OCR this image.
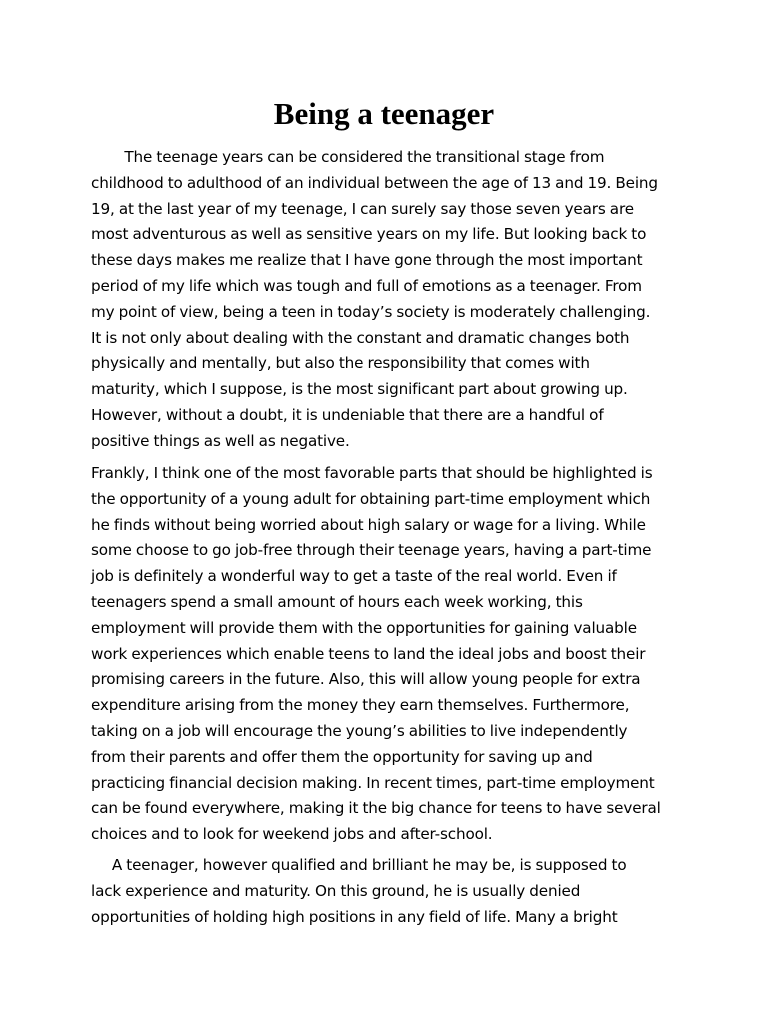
Being a teenager

The teenage years can be considered the transitional stage from
childhood to adulthood of an individual between the age of 13 and 19. Being
19, at the last year of my teenage, I can surely say those seven years are
most adventurous as well as sensitive years on my life. But looking back to
these days makes me realize that I have gone through the most important
period of my life which was tough and full of emotions as a teenager. From
my point of view, being a teen in today’s society is moderately challenging.
It is not only about dealing with the constant and dramatic changes both
physically and mentally, but also the responsibility that comes with
maturity, which I suppose, is the most significant part about growing up.
However, without a doubt, it is undeniable that there are a handful of
positive things as well as negative.

Frankly, I think one of the most favorable parts that should be highlighted is
the opportunity of a young adult for obtaining part-time employment which
he finds without being worried about high salary or wage for a living. While
some choose to go job-free through their teenage years, having a part-time
job is definitely a wonderful way to get a taste of the real world. Even if
teenagers spend a small amount of hours each week working, this
employment will provide them with the opportunities for gaining valuable
work experiences which enable teens to land the ideal jobs and boost their
promising careers in the future. Also, this will allow young people for extra
expenditure arising from the money they earn themselves. Furthermore,
taking on a job will encourage the young’s abilities to live independently
from their parents and offer them the opportunity for saving up and
practicing financial decision making. In recent times, part-time employment
can be found everywhere, making it the big chance for teens to have several
choices and to look for weekend jobs and after-school.

A teenager, however qualified and brilliant he may be, is supposed to
lack experience and maturity. On this ground, he is usually denied
opportunities of holding high positions in any field of life. Many a bright
